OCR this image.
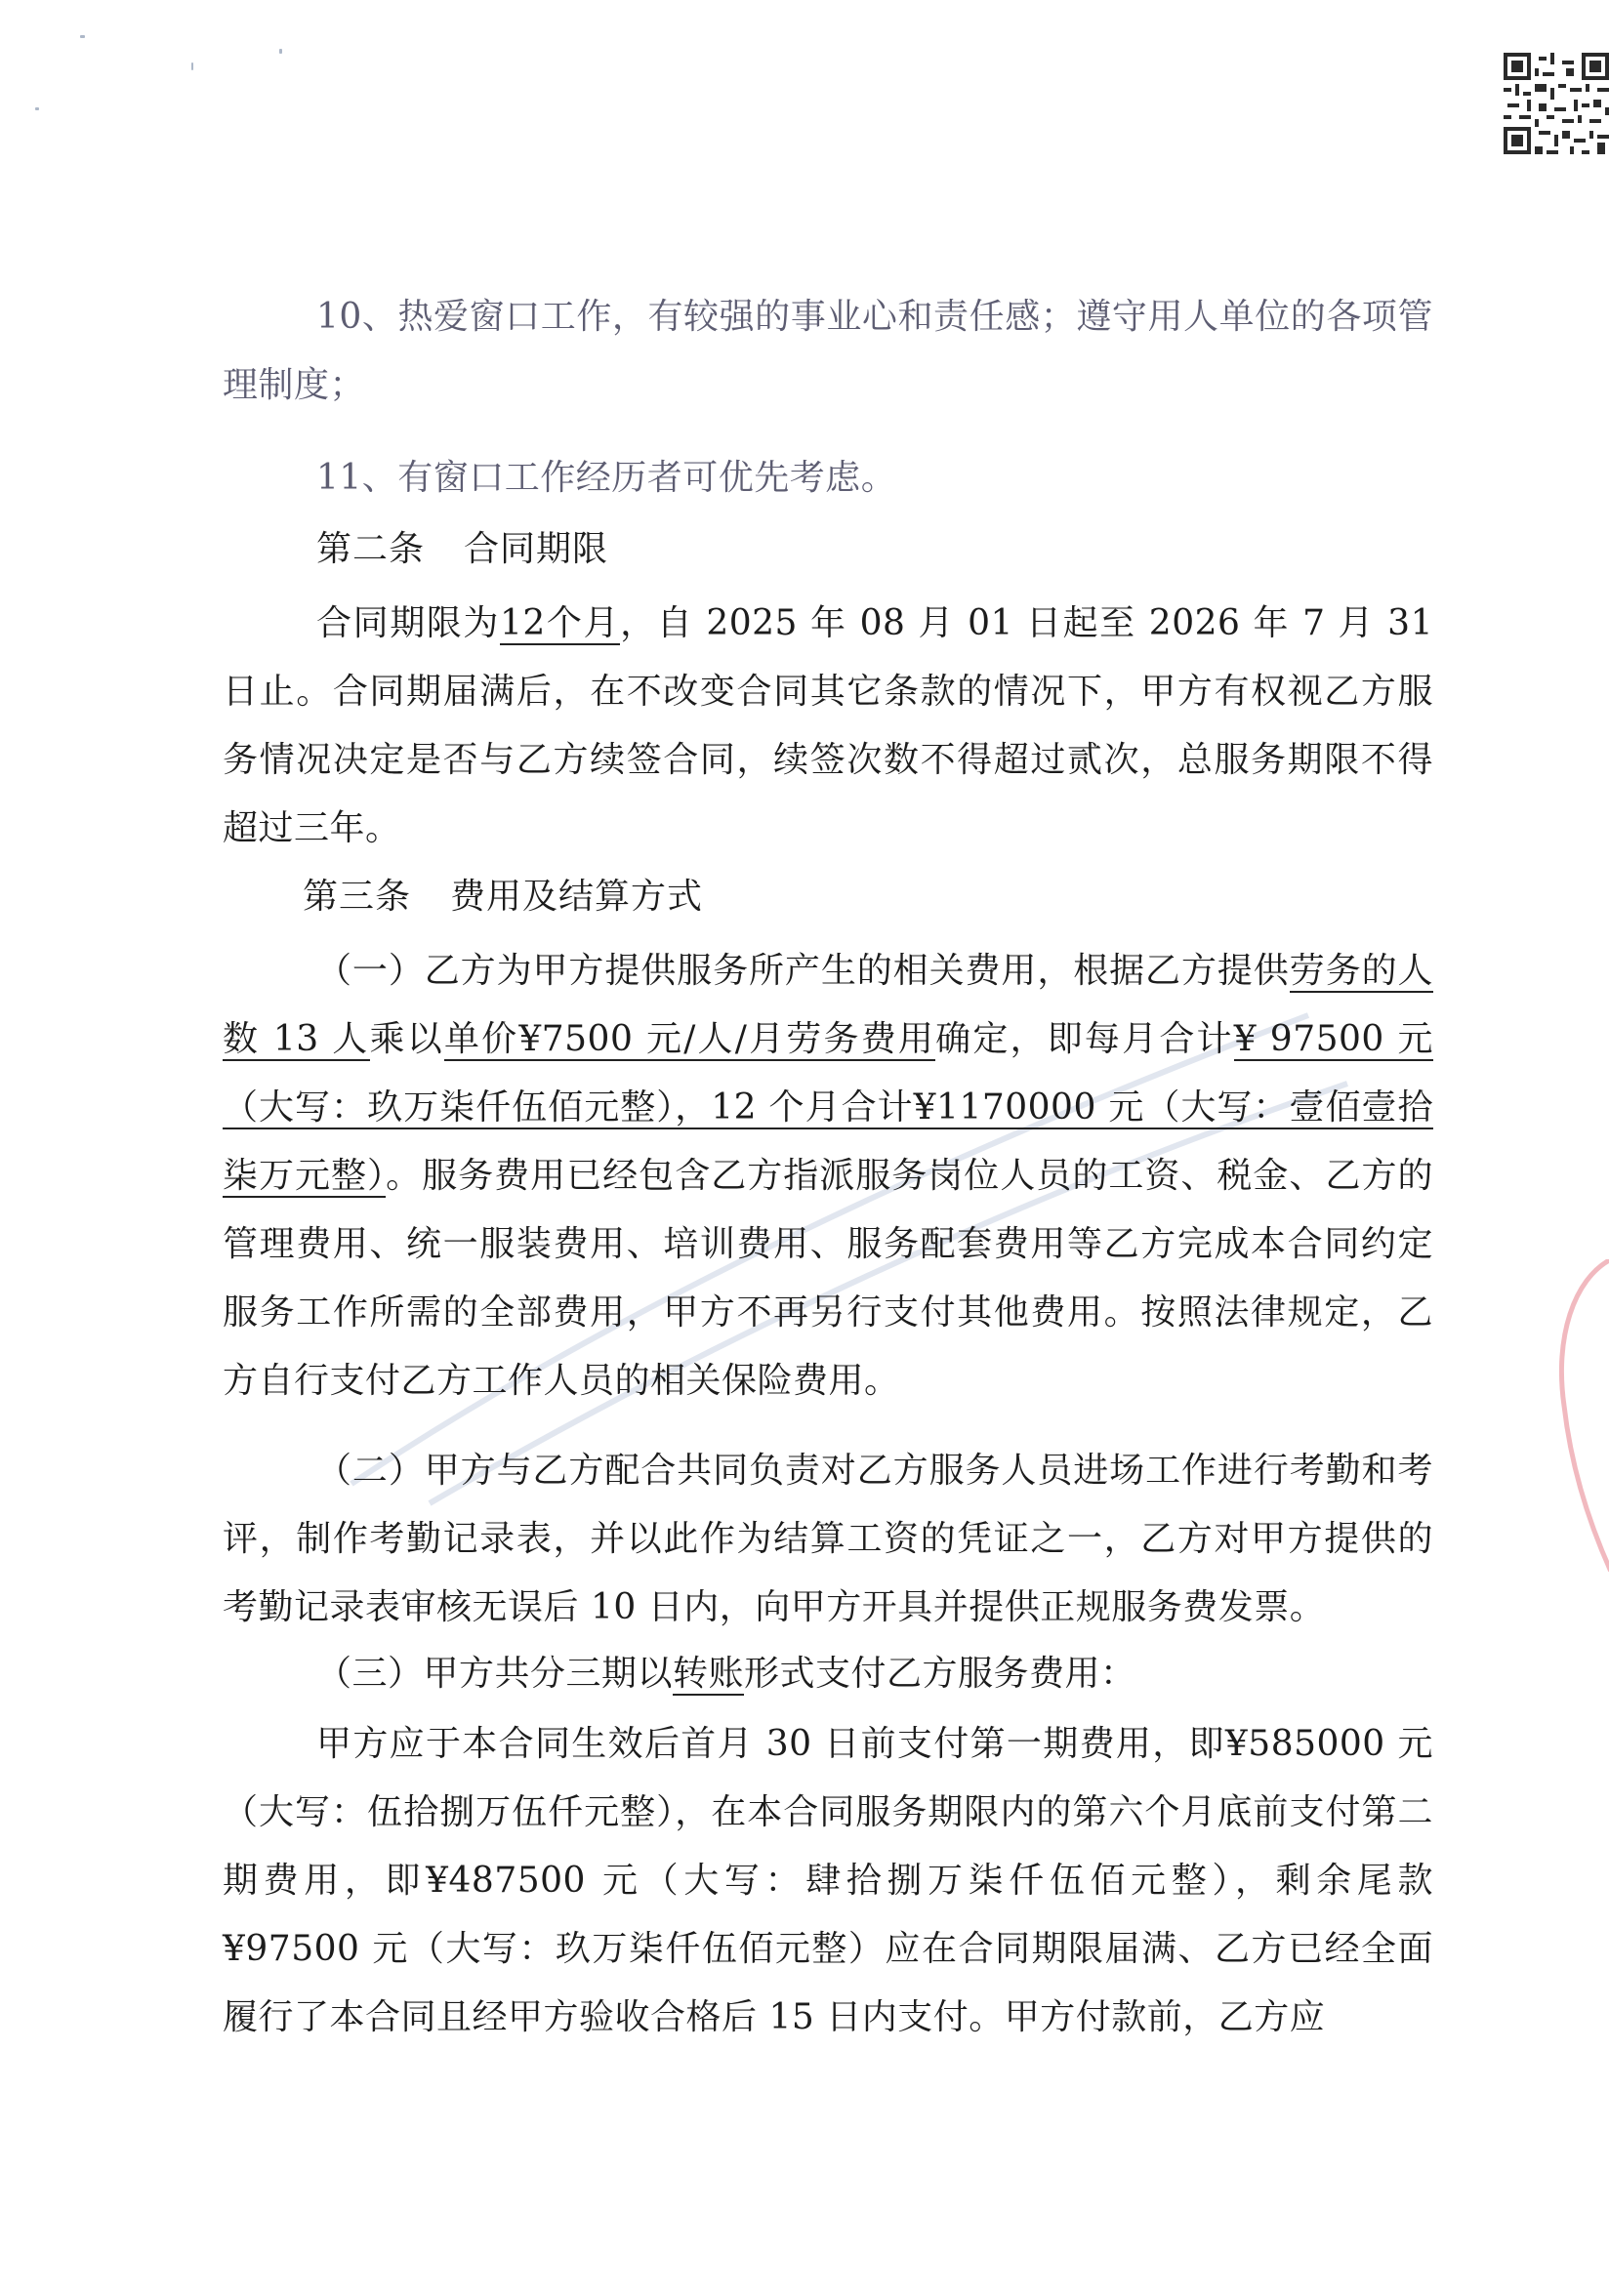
10、热爱窗口工作，有较强的事业心和责任感；遵守用人单位的各项管理制度；

11、有窗口工作经历者可优先考虑。

第二条 合同期限

合同期限为12个月，自 2025 年 08 月 01 日起至 2026 年 7 月 31 日止。合同期届满后，在不改变合同其它条款的情况下，甲方有权视乙方服务情况决定是否与乙方续签合同，续签次数不得超过贰次，总服务期限不得超过三年。

第三条 费用及结算方式

（一）乙方为甲方提供服务所产生的相关费用，根据乙方提供劳务的人数 13 人乘以单价¥7500 元/人/月劳务费用确定，即每月合计¥ 97500 元（大写：玖万柒仟伍佰元整），12 个月合计¥1170000 元（大写：壹佰壹拾柒万元整）。服务费用已经包含乙方指派服务岗位人员的工资、税金、乙方的管理费用、统一服装费用、培训费用、服务配套费用等乙方完成本合同约定服务工作所需的全部费用，甲方不再另行支付其他费用。按照法律规定，乙方自行支付乙方工作人员的相关保险费用。

（二）甲方与乙方配合共同负责对乙方服务人员进场工作进行考勤和考评，制作考勤记录表，并以此作为结算工资的凭证之一，乙方对甲方提供的考勤记录表审核无误后 10 日内，向甲方开具并提供正规服务费发票。

（三）甲方共分三期以转账形式支付乙方服务费用：

甲方应于本合同生效后首月 30 日前支付第一期费用，即¥585000 元（大写：伍拾捌万伍仟元整），在本合同服务期限内的第六个月底前支付第二期费用，即¥487500 元（大写：肆拾捌万柒仟伍佰元整），剩余尾款¥97500 元（大写：玖万柒仟伍佰元整）应在合同期限届满、乙方已经全面履行了本合同且经甲方验收合格后 15 日内支付。甲方付款前，乙方应
